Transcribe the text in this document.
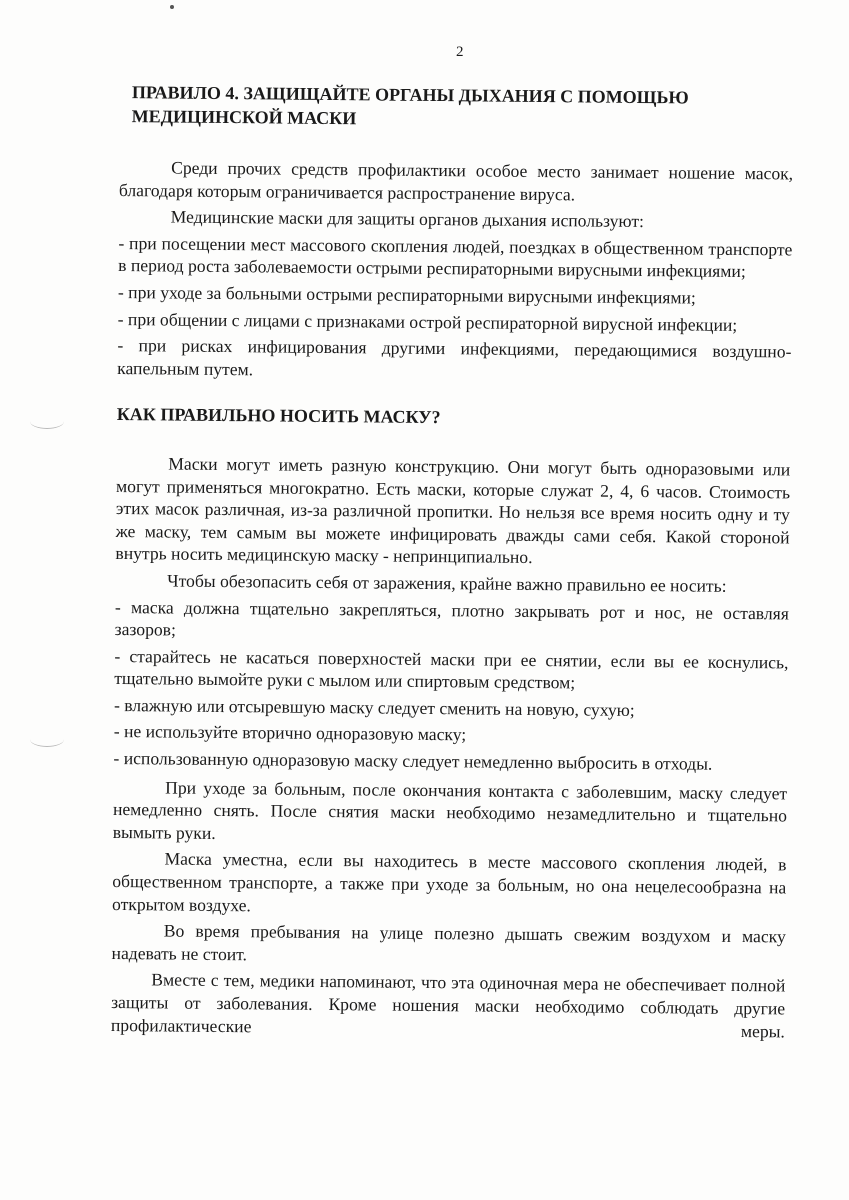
2
ПРАВИЛО 4. ЗАЩИЩАЙТЕ ОРГАНЫ ДЫХАНИЯ С ПОМОЩЬЮ МЕДИЦИНСКОЙ МАСКИ

Среди прочих средств профилактики особое место занимает ношение масок, благодаря которым ограничивается распространение вируса.

Медицинские маски для защиты органов дыхания используют:

- при посещении мест массового скопления людей, поездках в общественном транспорте в период роста заболеваемости острыми респираторными вирусными инфекциями;

- при уходе за больными острыми респираторными вирусными инфекциями;

- при общении с лицами с признаками острой респираторной вирусной инфекции;

- при рисках инфицирования другими инфекциями, передающимися воздушно-капельным путем.

КАК ПРАВИЛЬНО НОСИТЬ МАСКУ?

Маски могут иметь разную конструкцию. Они могут быть одноразовыми или могут применяться многократно. Есть маски, которые служат 2, 4, 6 часов. Стоимость этих масок различная, из-за различной пропитки. Но нельзя все время носить одну и ту же маску, тем самым вы можете инфицировать дважды сами себя. Какой стороной внутрь носить медицинскую маску - непринципиально.

Чтобы обезопасить себя от заражения, крайне важно правильно ее носить:

- маска должна тщательно закрепляться, плотно закрывать рот и нос, не оставляя зазоров;

- старайтесь не касаться поверхностей маски при ее снятии, если вы ее коснулись, тщательно вымойте руки с мылом или спиртовым средством;

- влажную или отсыревшую маску следует сменить на новую, сухую;

- не используйте вторично одноразовую маску;

- использованную одноразовую маску следует немедленно выбросить в отходы.

При уходе за больным, после окончания контакта с заболевшим, маску следует немедленно снять. После снятия маски необходимо незамедлительно и тщательно вымыть руки.

Маска уместна, если вы находитесь в месте массового скопления людей, в общественном транспорте, а также при уходе за больным, но она нецелесообразна на открытом воздухе.

Во время пребывания на улице полезно дышать свежим воздухом и маску надевать не стоит.

Вместе с тем, медики напоминают, что эта одиночная мера не обеспечивает полной защиты от заболевания. Кроме ношения маски необходимо соблюдать другие профилактические меры.
